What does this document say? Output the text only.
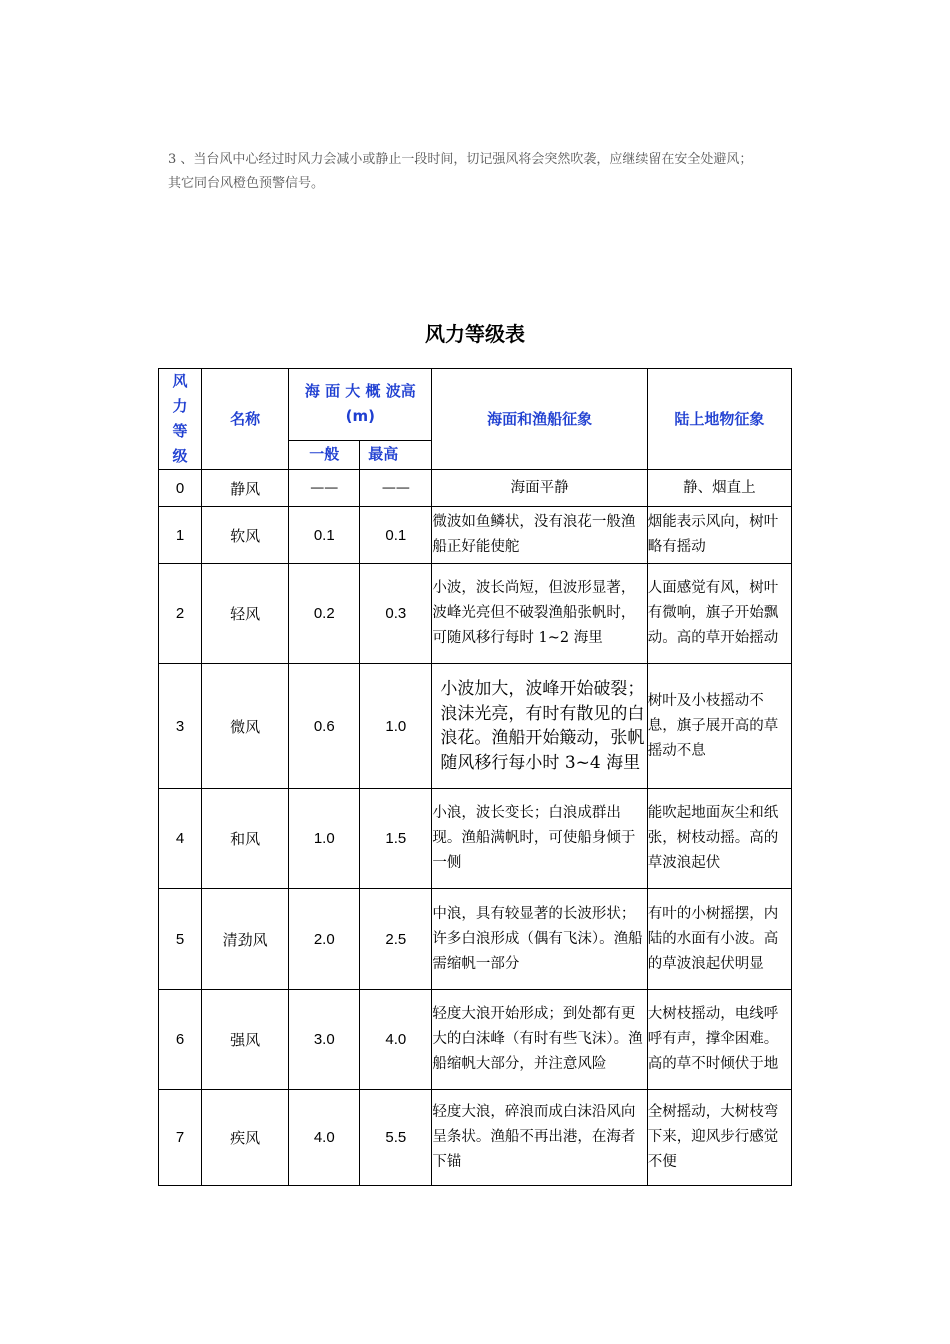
3 、当台风中心经过时风力会减小或静止一段时间，切记强风将会突然吹袭，应继续留在安全处避风；

其它同台风橙色预警信号。

风力等级表
风力等级	名称	海 面 大 概 波高(m)		海面和渔船征象	陆上地物征象
		一般	最高		
0	静风	——	——	海面平静	静、烟直上
1	软风	0.1	0.1	微波如鱼鳞状，没有浪花一般渔船正好能使舵	烟能表示风向，树叶略有摇动
2	轻风	0.2	0.3	小波，波长尚短，但波形显著，波峰光亮但不破裂渔船张帆时，可随风移行每时 1~2 海里	人面感觉有风，树叶有微响，旗子开始飘动。高的草开始摇动
3	微风	0.6	1.0	小波加大，波峰开始破裂；浪沫光亮，有时有散见的白浪花。渔船开始簸动，张帆随风移行每小时 3~4 海里	树叶及小枝摇动不息，旗子展开高的草摇动不息
4	和风	1.0	1.5	小浪，波长变长；白浪成群出现。渔船满帆时，可使船身倾于一侧	能吹起地面灰尘和纸张，树枝动摇。高的草波浪起伏
5	清劲风	2.0	2.5	中浪，具有较显著的长波形状；许多白浪形成（偶有飞沫）。渔船需缩帆一部分	有叶的小树摇摆，内陆的水面有小波。高的草波浪起伏明显
6	强风	3.0	4.0	轻度大浪开始形成；到处都有更大的白沫峰（有时有些飞沫）。渔船缩帆大部分，并注意风险	大树枝摇动，电线呼呼有声，撑伞困难。高的草不时倾伏于地
7	疾风	4.0	5.5	轻度大浪，碎浪而成白沫沿风向呈条状。渔船不再出港，在海者下锚	全树摇动，大树枝弯下来，迎风步行感觉不便
